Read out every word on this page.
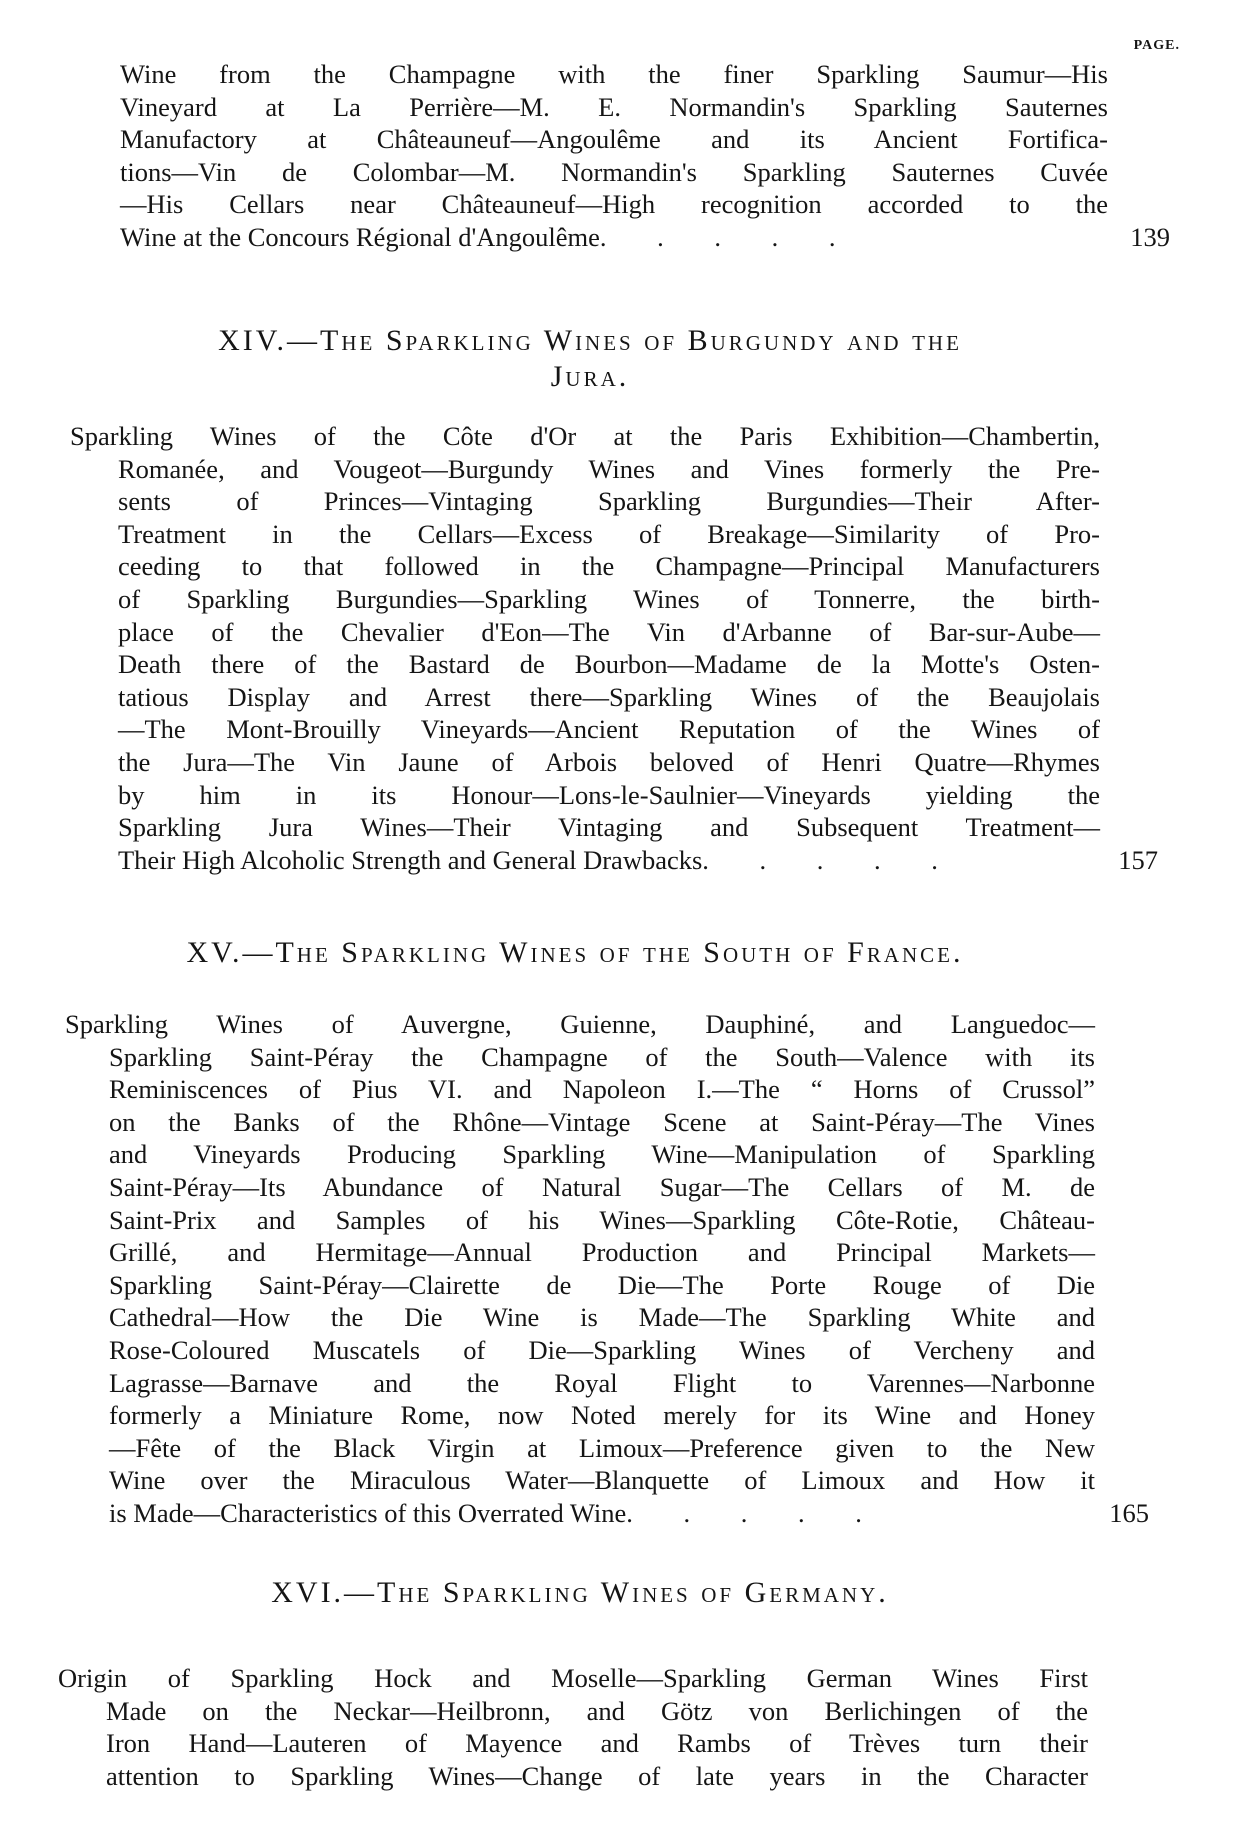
PAGE.
Wine from the Champagne with the finer Sparkling Saumur—His
Vineyard at La Perrière—M. E. Normandin's Sparkling Sauternes
Manufactory at Châteauneuf—Angoulême and its Ancient Fortifica-
tions—Vin de Colombar—M. Normandin's Sparkling Sauternes Cuvée
—His Cellars near Châteauneuf—High recognition accorded to the
Wine at the Concours Régional d'Angoulême . . . . .	139
XIV.—The Sparkling Wines of Burgundy and the
Jura.
Sparkling Wines of the Côte d'Or at the Paris Exhibition—Chambertin,
Romanée, and Vougeot—Burgundy Wines and Vines formerly the Pre-
sents of Princes—Vintaging Sparkling Burgundies—Their After-
Treatment in the Cellars—Excess of Breakage—Similarity of Pro-
ceeding to that followed in the Champagne—Principal Manufacturers
of Sparkling Burgundies—Sparkling Wines of Tonnerre, the birth-
place of the Chevalier d'Eon—The Vin d'Arbanne of Bar-sur-Aube—
Death there of the Bastard de Bourbon—Madame de la Motte's Osten-
tatious Display and Arrest there—Sparkling Wines of the Beaujolais
—The Mont-Brouilly Vineyards—Ancient Reputation of the Wines of
the Jura—The Vin Jaune of Arbois beloved of Henri Quatre—Rhymes
by him in its Honour—Lons-le-Saulnier—Vineyards yielding the
Sparkling Jura Wines—Their Vintaging and Subsequent Treatment—
Their High Alcoholic Strength and General Drawbacks . . . . .	157
XV.—The Sparkling Wines of the South of France.
Sparkling Wines of Auvergne, Guienne, Dauphiné, and Languedoc—
Sparkling Saint-Péray the Champagne of the South—Valence with its
Reminiscences of Pius VI. and Napoleon I.—The “ Horns of Crussol”
on the Banks of the Rhône—Vintage Scene at Saint-Péray—The Vines
and Vineyards Producing Sparkling Wine—Manipulation of Sparkling
Saint-Péray—Its Abundance of Natural Sugar—The Cellars of M. de
Saint-Prix and Samples of his Wines—Sparkling Côte-Rotie, Château-
Grillé, and Hermitage—Annual Production and Principal Markets—
Sparkling Saint-Péray—Clairette de Die—The Porte Rouge of Die
Cathedral—How the Die Wine is Made—The Sparkling White and
Rose-Coloured Muscatels of Die—Sparkling Wines of Vercheny and
Lagrasse—Barnave and the Royal Flight to Varennes—Narbonne
formerly a Miniature Rome, now Noted merely for its Wine and Honey
—Fête of the Black Virgin at Limoux—Preference given to the New
Wine over the Miraculous Water—Blanquette of Limoux and How it
is Made—Characteristics of this Overrated Wine . . . . .	165
XVI.—The Sparkling Wines of Germany.
Origin of Sparkling Hock and Moselle—Sparkling German Wines First
Made on the Neckar—Heilbronn, and Götz von Berlichingen of the
Iron Hand—Lauteren of Mayence and Rambs of Trèves turn their
attention to Sparkling Wines—Change of late years in the Character
